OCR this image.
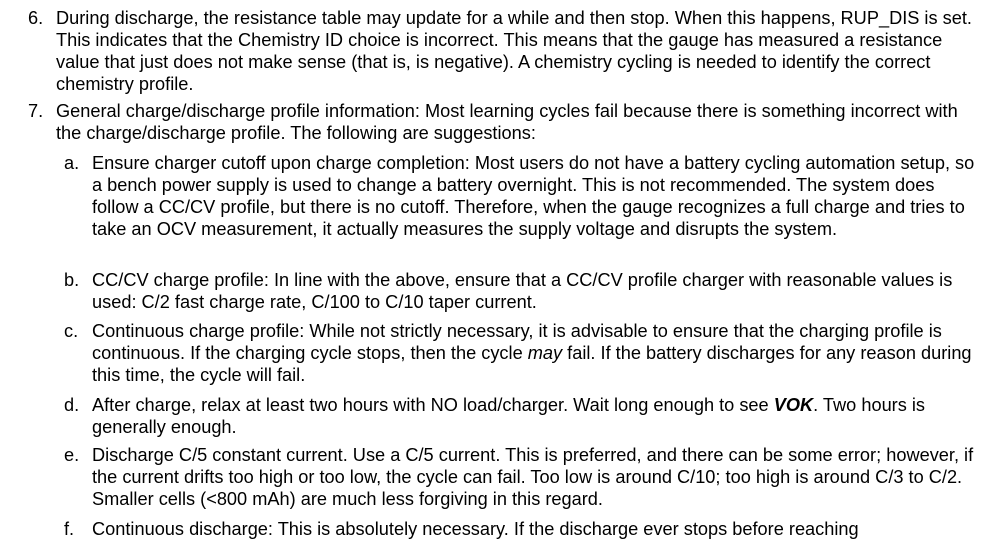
6. During discharge, the resistance table may update for a while and then stop. When this happens, RUP_DIS is set. This indicates that the Chemistry ID choice is incorrect. This means that the gauge has measured a resistance value that just does not make sense (that is, is negative). A chemistry cycling is needed to identify the correct chemistry profile.
7. General charge/discharge profile information: Most learning cycles fail because there is something incorrect with the charge/discharge profile. The following are suggestions:
a. Ensure charger cutoff upon charge completion: Most users do not have a battery cycling automation setup, so a bench power supply is used to change a battery overnight. This is not recommended. The system does follow a CC/CV profile, but there is no cutoff. Therefore, when the gauge recognizes a full charge and tries to take an OCV measurement, it actually measures the supply voltage and disrupts the system.
b. CC/CV charge profile: In line with the above, ensure that a CC/CV profile charger with reasonable values is used: C/2 fast charge rate, C/100 to C/10 taper current.
c. Continuous charge profile: While not strictly necessary, it is advisable to ensure that the charging profile is continuous. If the charging cycle stops, then the cycle may fail. If the battery discharges for any reason during this time, the cycle will fail.
d. After charge, relax at least two hours with NO load/charger. Wait long enough to see VOK. Two hours is generally enough.
e. Discharge C/5 constant current. Use a C/5 current. This is preferred, and there can be some error; however, if the current drifts too high or too low, the cycle can fail. Too low is around C/10; too high is around C/3 to C/2. Smaller cells (<800 mAh) are much less forgiving in this regard.
f. Continuous discharge: This is absolutely necessary. If the discharge ever stops before reaching
